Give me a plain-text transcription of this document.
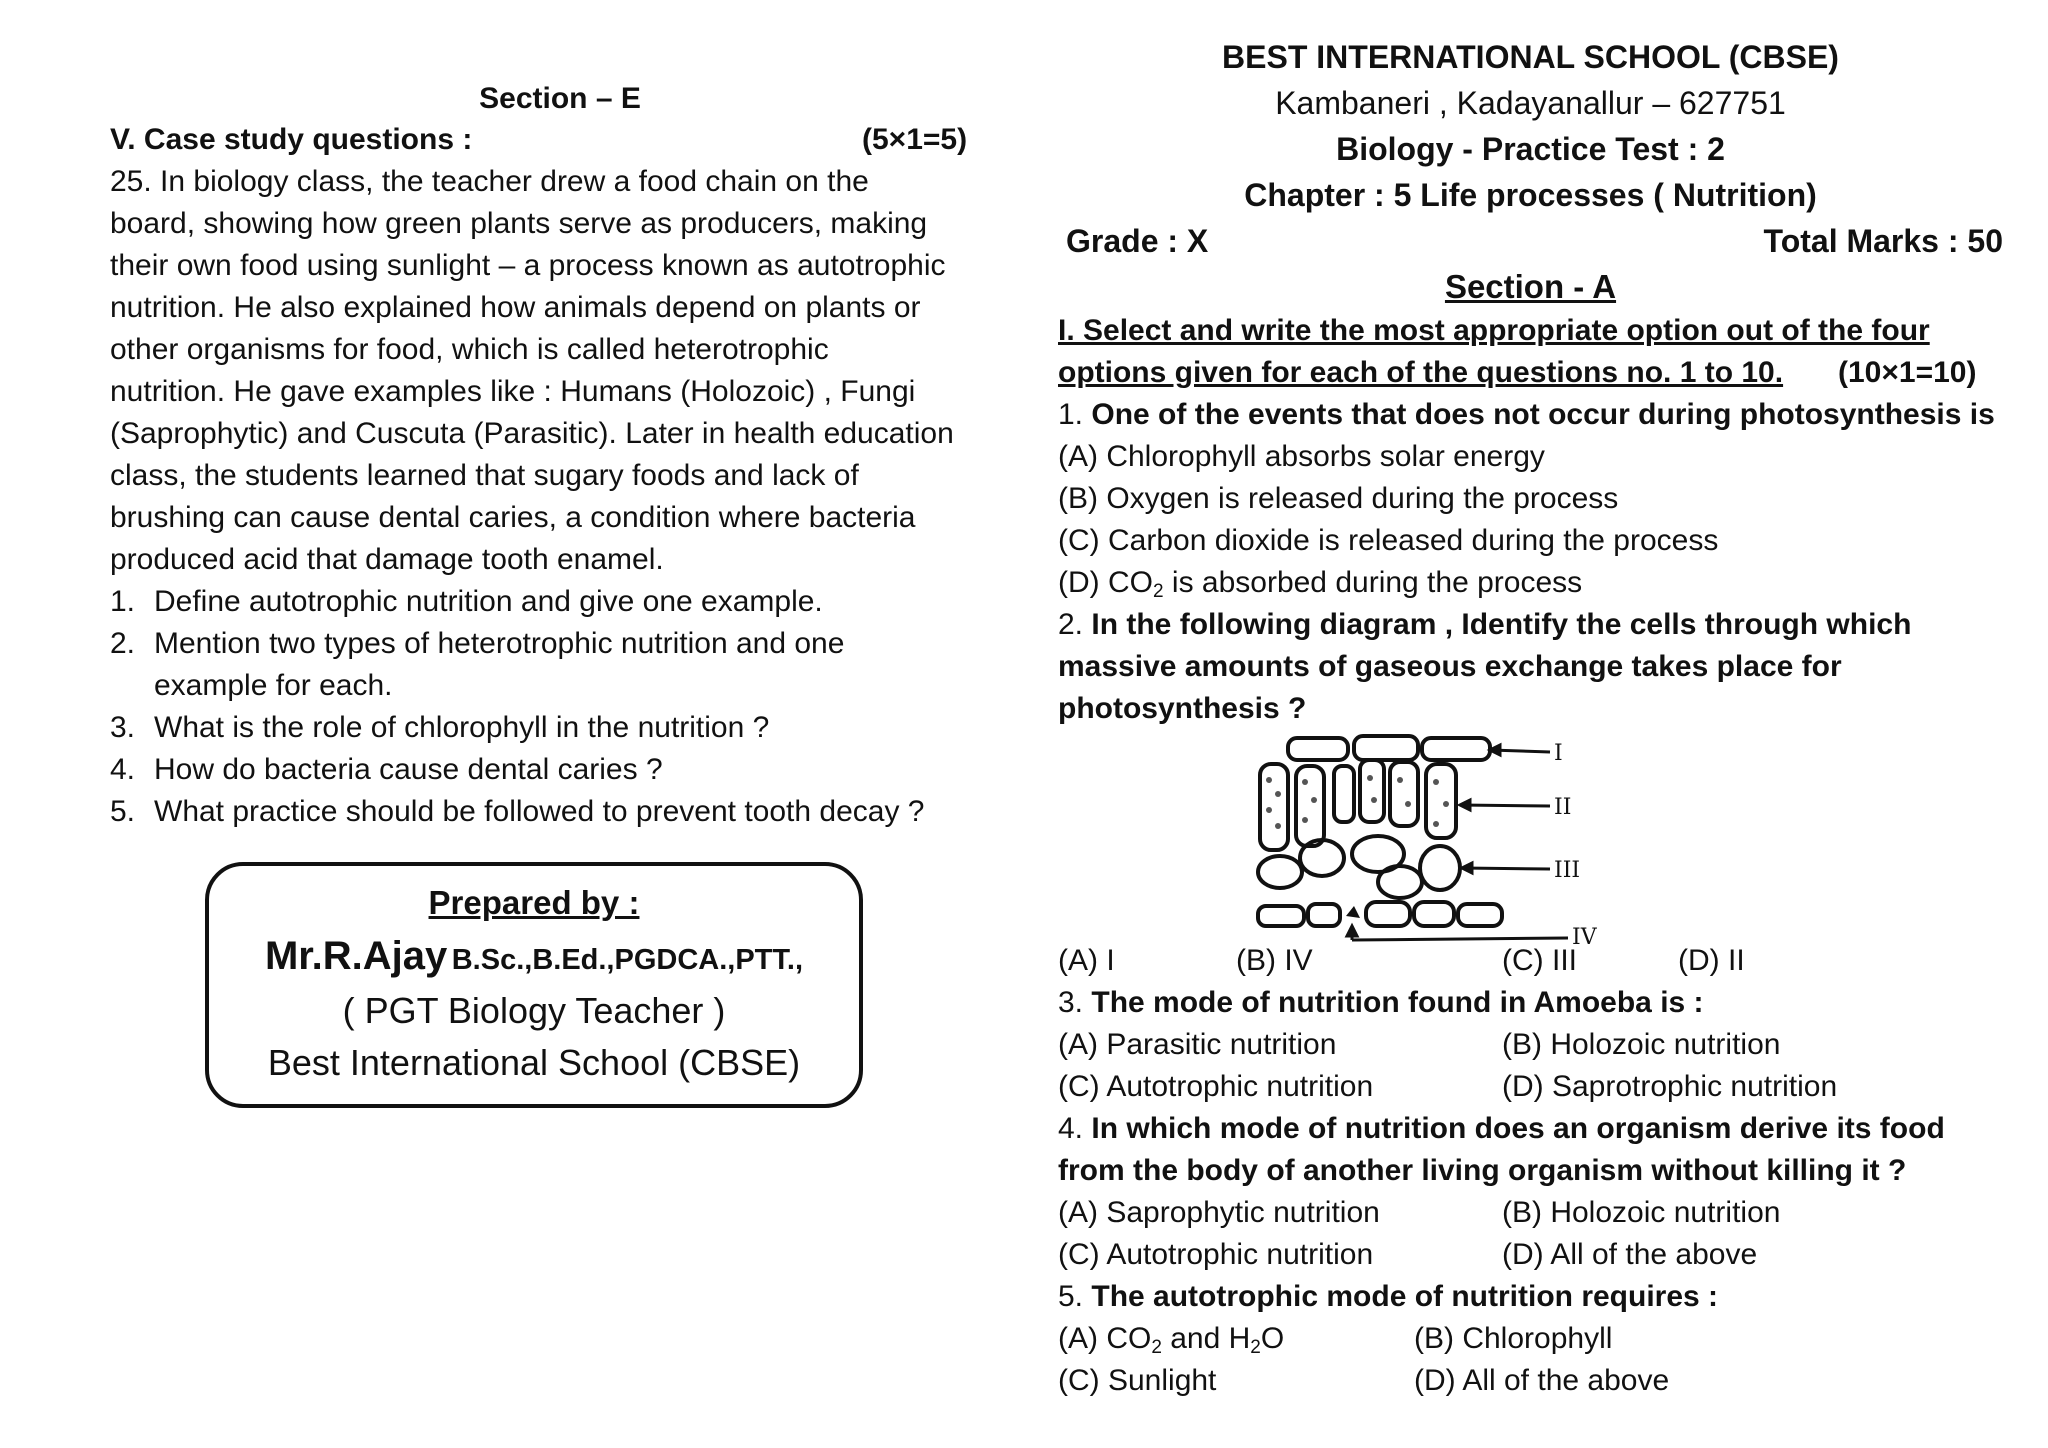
Section – E
V. Case study questions :	(5×1=5)
25. In biology class, the teacher drew a food chain on the
board, showing how green plants serve as producers, making
their own food using sunlight – a process known as autotrophic
nutrition. He also explained how animals depend on plants or
other organisms for food, which is called heterotrophic
nutrition. He gave examples like : Humans (Holozoic) , Fungi
(Saprophytic) and Cuscuta (Parasitic). Later in health education
class, the students learned that sugary foods and lack of
brushing can cause dental caries, a condition where bacteria
produced acid that damage tooth enamel.
1. Define autotrophic nutrition and give one example.
2. Mention two types of heterotrophic nutrition and one
example for each.
3. What is the role of chlorophyll in the nutrition ?
4. How do bacteria cause dental caries ?
5. What practice should be followed to prevent tooth decay ?
Prepared by :
Mr.R.Ajay B.Sc.,B.Ed.,PGDCA.,PTT.,
( PGT Biology Teacher )
Best International School (CBSE)
BEST INTERNATIONAL SCHOOL (CBSE)
Kambaneri , Kadayanallur – 627751
Biology - Practice Test : 2
Chapter : 5 Life processes ( Nutrition)
Grade : X	Total Marks : 50
Section - A
I. Select and write the most appropriate option out of the four
options given for each of the questions no. 1 to 10. (10×1=10)
1. One of the events that does not occur during photosynthesis is
(A) Chlorophyll absorbs solar energy
(B) Oxygen is released during the process
(C) Carbon dioxide is released during the process
(D) $CO_2$ is absorbed during the process
2. In the following diagram , Identify the cells through which
massive amounts of gaseous exchange takes place for
photosynthesis ?
(A) I	(B) IV	(C) III	(D) II
3. The mode of nutrition found in Amoeba is :
(A) Parasitic nutrition	(B) Holozoic nutrition
(C) Autotrophic nutrition	(D) Saprotrophic nutrition
4. In which mode of nutrition does an organism derive its food
from the body of another living organism without killing it ?
(A) Saprophytic nutrition	(B) Holozoic nutrition
(C) Autotrophic nutrition	(D) All of the above
5. The autotrophic mode of nutrition requires :
(A) $CO_2$ and $H_2O$	(B) Chlorophyll
(C) Sunlight	(D) All of the above
I
II
III
IV
